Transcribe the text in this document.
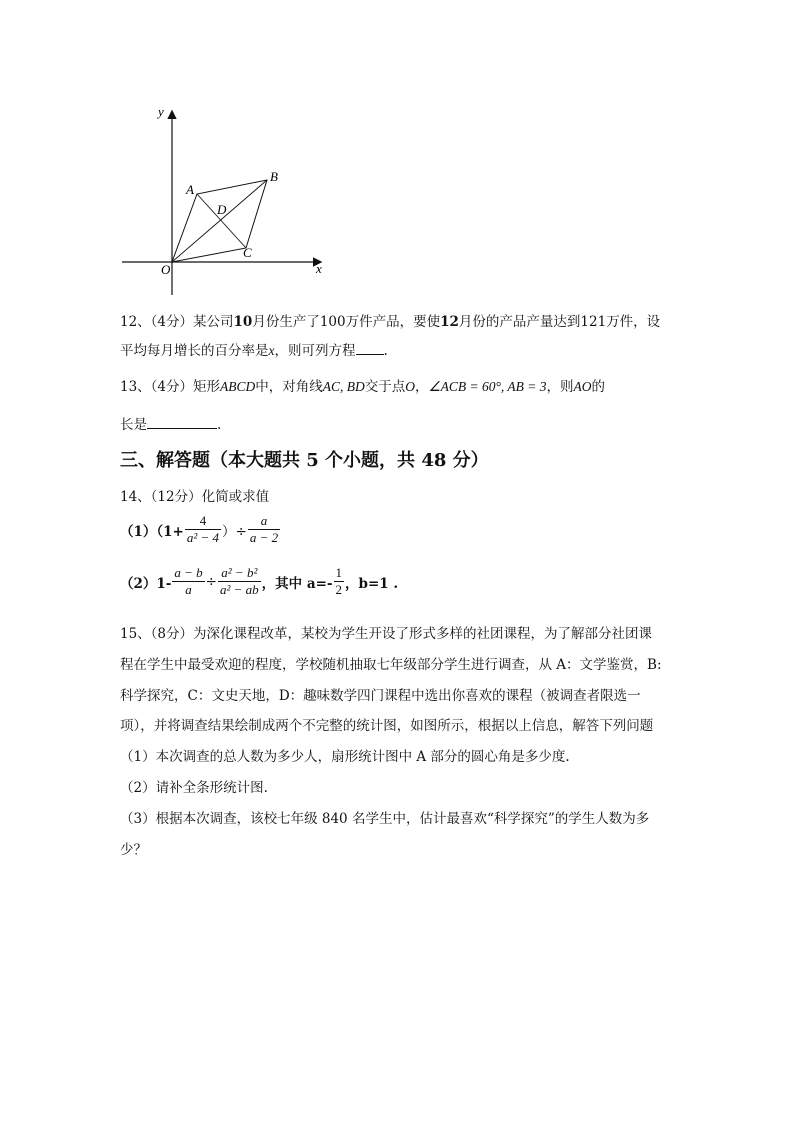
y
x
O
A
B
C
D
12、（4分）某公司10月份生产了100万件产品，要使12月份的产品产量达到121万件，设
平均每月增长的百分率是x，则可列方程 .
13、（4分）矩形ABCD中，对角线AC, BD交于点O，∠ACB = 60°, AB = 3，则AO的
长是	.
三、解答题（本大题共 5 个小题，共 48 分）
14、（12分）化简或求值
$(1)(1+ \frac{4}{\text{a² − 4}}$ ）÷ $\frac{a}{a - 2}$
$(2)1- \frac{a - b}{a} \div \frac{\text{a² − b²}}{\text{a² − ab}}$ ，其中 $a=- \frac{1}{2}$ ，b=1 .
15、（8分）为深化课程改革，某校为学生开设了形式多样的社团课程，为了解部分社团课
程在学生中最受欢迎的程度，学校随机抽取七年级部分学生进行调查，从 A：文学鉴赏，B:
科学探究，C：文史天地，D：趣味数学四门课程中选出你喜欢的课程（被调查者限选一
项），并将调查结果绘制成两个不完整的统计图，如图所示，根据以上信息，解答下列问题
（1）本次调查的总人数为多少人，扇形统计图中 A 部分的圆心角是多少度.
（2）请补全条形统计图.
（3）根据本次调查，该校七年级 840 名学生中，估计最喜欢“科学探究”的学生人数为多
少？
